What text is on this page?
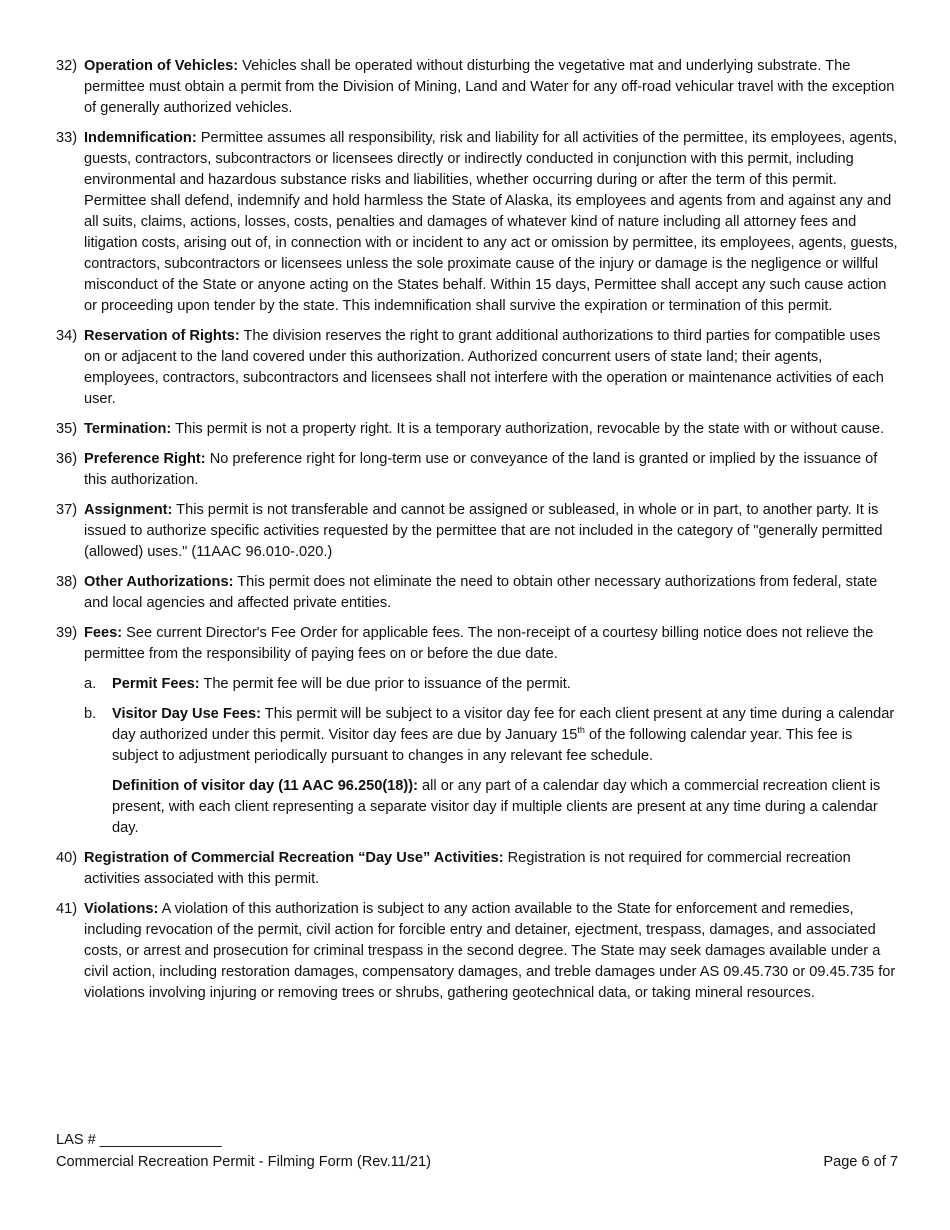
32) Operation of Vehicles: Vehicles shall be operated without disturbing the vegetative mat and underlying substrate. The permittee must obtain a permit from the Division of Mining, Land and Water for any off-road vehicular travel with the exception of generally authorized vehicles.
33) Indemnification: Permittee assumes all responsibility, risk and liability for all activities of the permittee, its employees, agents, guests, contractors, subcontractors or licensees directly or indirectly conducted in conjunction with this permit, including environmental and hazardous substance risks and liabilities, whether occurring during or after the term of this permit. Permittee shall defend, indemnify and hold harmless the State of Alaska, its employees and agents from and against any and all suits, claims, actions, losses, costs, penalties and damages of whatever kind of nature including all attorney fees and litigation costs, arising out of, in connection with or incident to any act or omission by permittee, its employees, agents, guests, contractors, subcontractors or licensees unless the sole proximate cause of the injury or damage is the negligence or willful misconduct of the State or anyone acting on the States behalf. Within 15 days, Permittee shall accept any such cause action or proceeding upon tender by the state. This indemnification shall survive the expiration or termination of this permit.
34) Reservation of Rights: The division reserves the right to grant additional authorizations to third parties for compatible uses on or adjacent to the land covered under this authorization. Authorized concurrent users of state land; their agents, employees, contractors, subcontractors and licensees shall not interfere with the operation or maintenance activities of each user.
35) Termination: This permit is not a property right. It is a temporary authorization, revocable by the state with or without cause.
36) Preference Right: No preference right for long-term use or conveyance of the land is granted or implied by the issuance of this authorization.
37) Assignment: This permit is not transferable and cannot be assigned or subleased, in whole or in part, to another party. It is issued to authorize specific activities requested by the permittee that are not included in the category of "generally permitted (allowed) uses." (11AAC 96.010-.020.)
38) Other Authorizations: This permit does not eliminate the need to obtain other necessary authorizations from federal, state and local agencies and affected private entities.
39) Fees: See current Director's Fee Order for applicable fees. The non-receipt of a courtesy billing notice does not relieve the permittee from the responsibility of paying fees on or before the due date.
a.	Permit Fees: The permit fee will be due prior to issuance of the permit.
b.	Visitor Day Use Fees: This permit will be subject to a visitor day fee for each client present at any time during a calendar day authorized under this permit. Visitor day fees are due by January 15th of the following calendar year. This fee is subject to adjustment periodically pursuant to changes in any relevant fee schedule.
Definition of visitor day (11 AAC 96.250(18)): all or any part of a calendar day which a commercial recreation client is present, with each client representing a separate visitor day if multiple clients are present at any time during a calendar day.
40) Registration of Commercial Recreation “Day Use” Activities: Registration is not required for commercial recreation activities associated with this permit.
41) Violations: A violation of this authorization is subject to any action available to the State for enforcement and remedies, including revocation of the permit, civil action for forcible entry and detainer, ejectment, trespass, damages, and associated costs, or arrest and prosecution for criminal trespass in the second degree. The State may seek damages available under a civil action, including restoration damages, compensatory damages, and treble damages under AS 09.45.730 or 09.45.735 for violations involving injuring or removing trees or shrubs, gathering geotechnical data, or taking mineral resources.
LAS # _______________
Commercial Recreation Permit - Filming Form (Rev.11/21)	Page 6 of 7
